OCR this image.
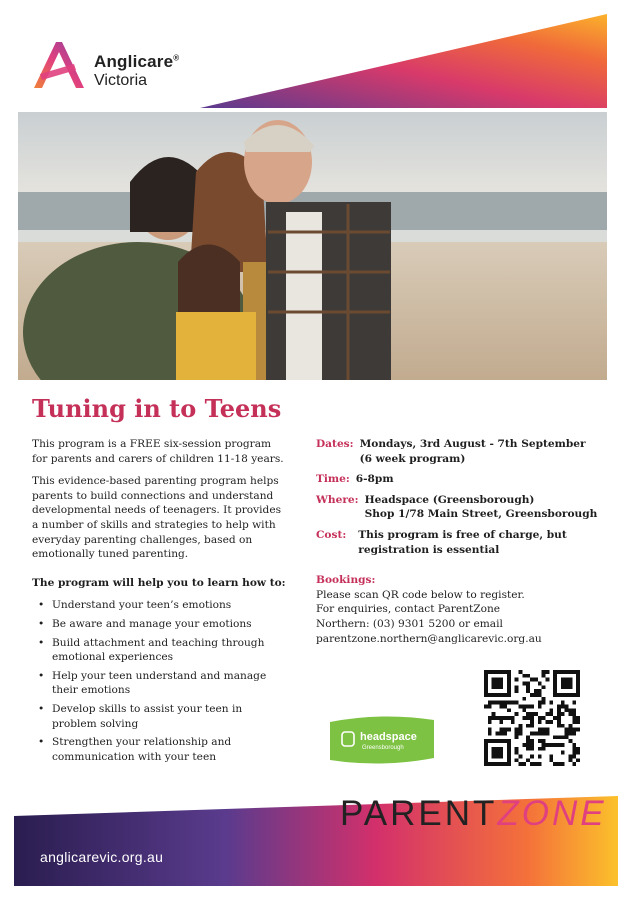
Anglicare®
Victoria
Tuning in to Teens

This program is a FREE six-session program for parents and carers of children 11-18 years.

This evidence-based parenting program helps parents to build connections and understand developmental needs of teenagers. It provides a number of skills and strategies to help with everyday parenting challenges, based on emotionally tuned parenting.

The program will help you to learn how to:

• Understand your teen’s emotions
• Be aware and manage your emotions
• Build attachment and teaching through emotional experiences
• Help your teen understand and manage their emotions
• Develop skills to assist your teen in problem solving
• Strengthen your relationship and communication with your teen
Dates: Mondays, 3rd August - 7th September
(6 week program)
Time: 6-8pm
Where: Headspace (Greensborough)
Shop 1/78 Main Street, Greensborough
Cost:	This program is free of charge, but
registration is essential
Bookings:
Please scan QR code below to register.
For enquiries, contact ParentZone
Northern: (03) 9301 5200 or email
parentzone.northern@anglicarevic.org.au
headspace
Greensborough
anglicarevic.org.au
PARENTZONE
